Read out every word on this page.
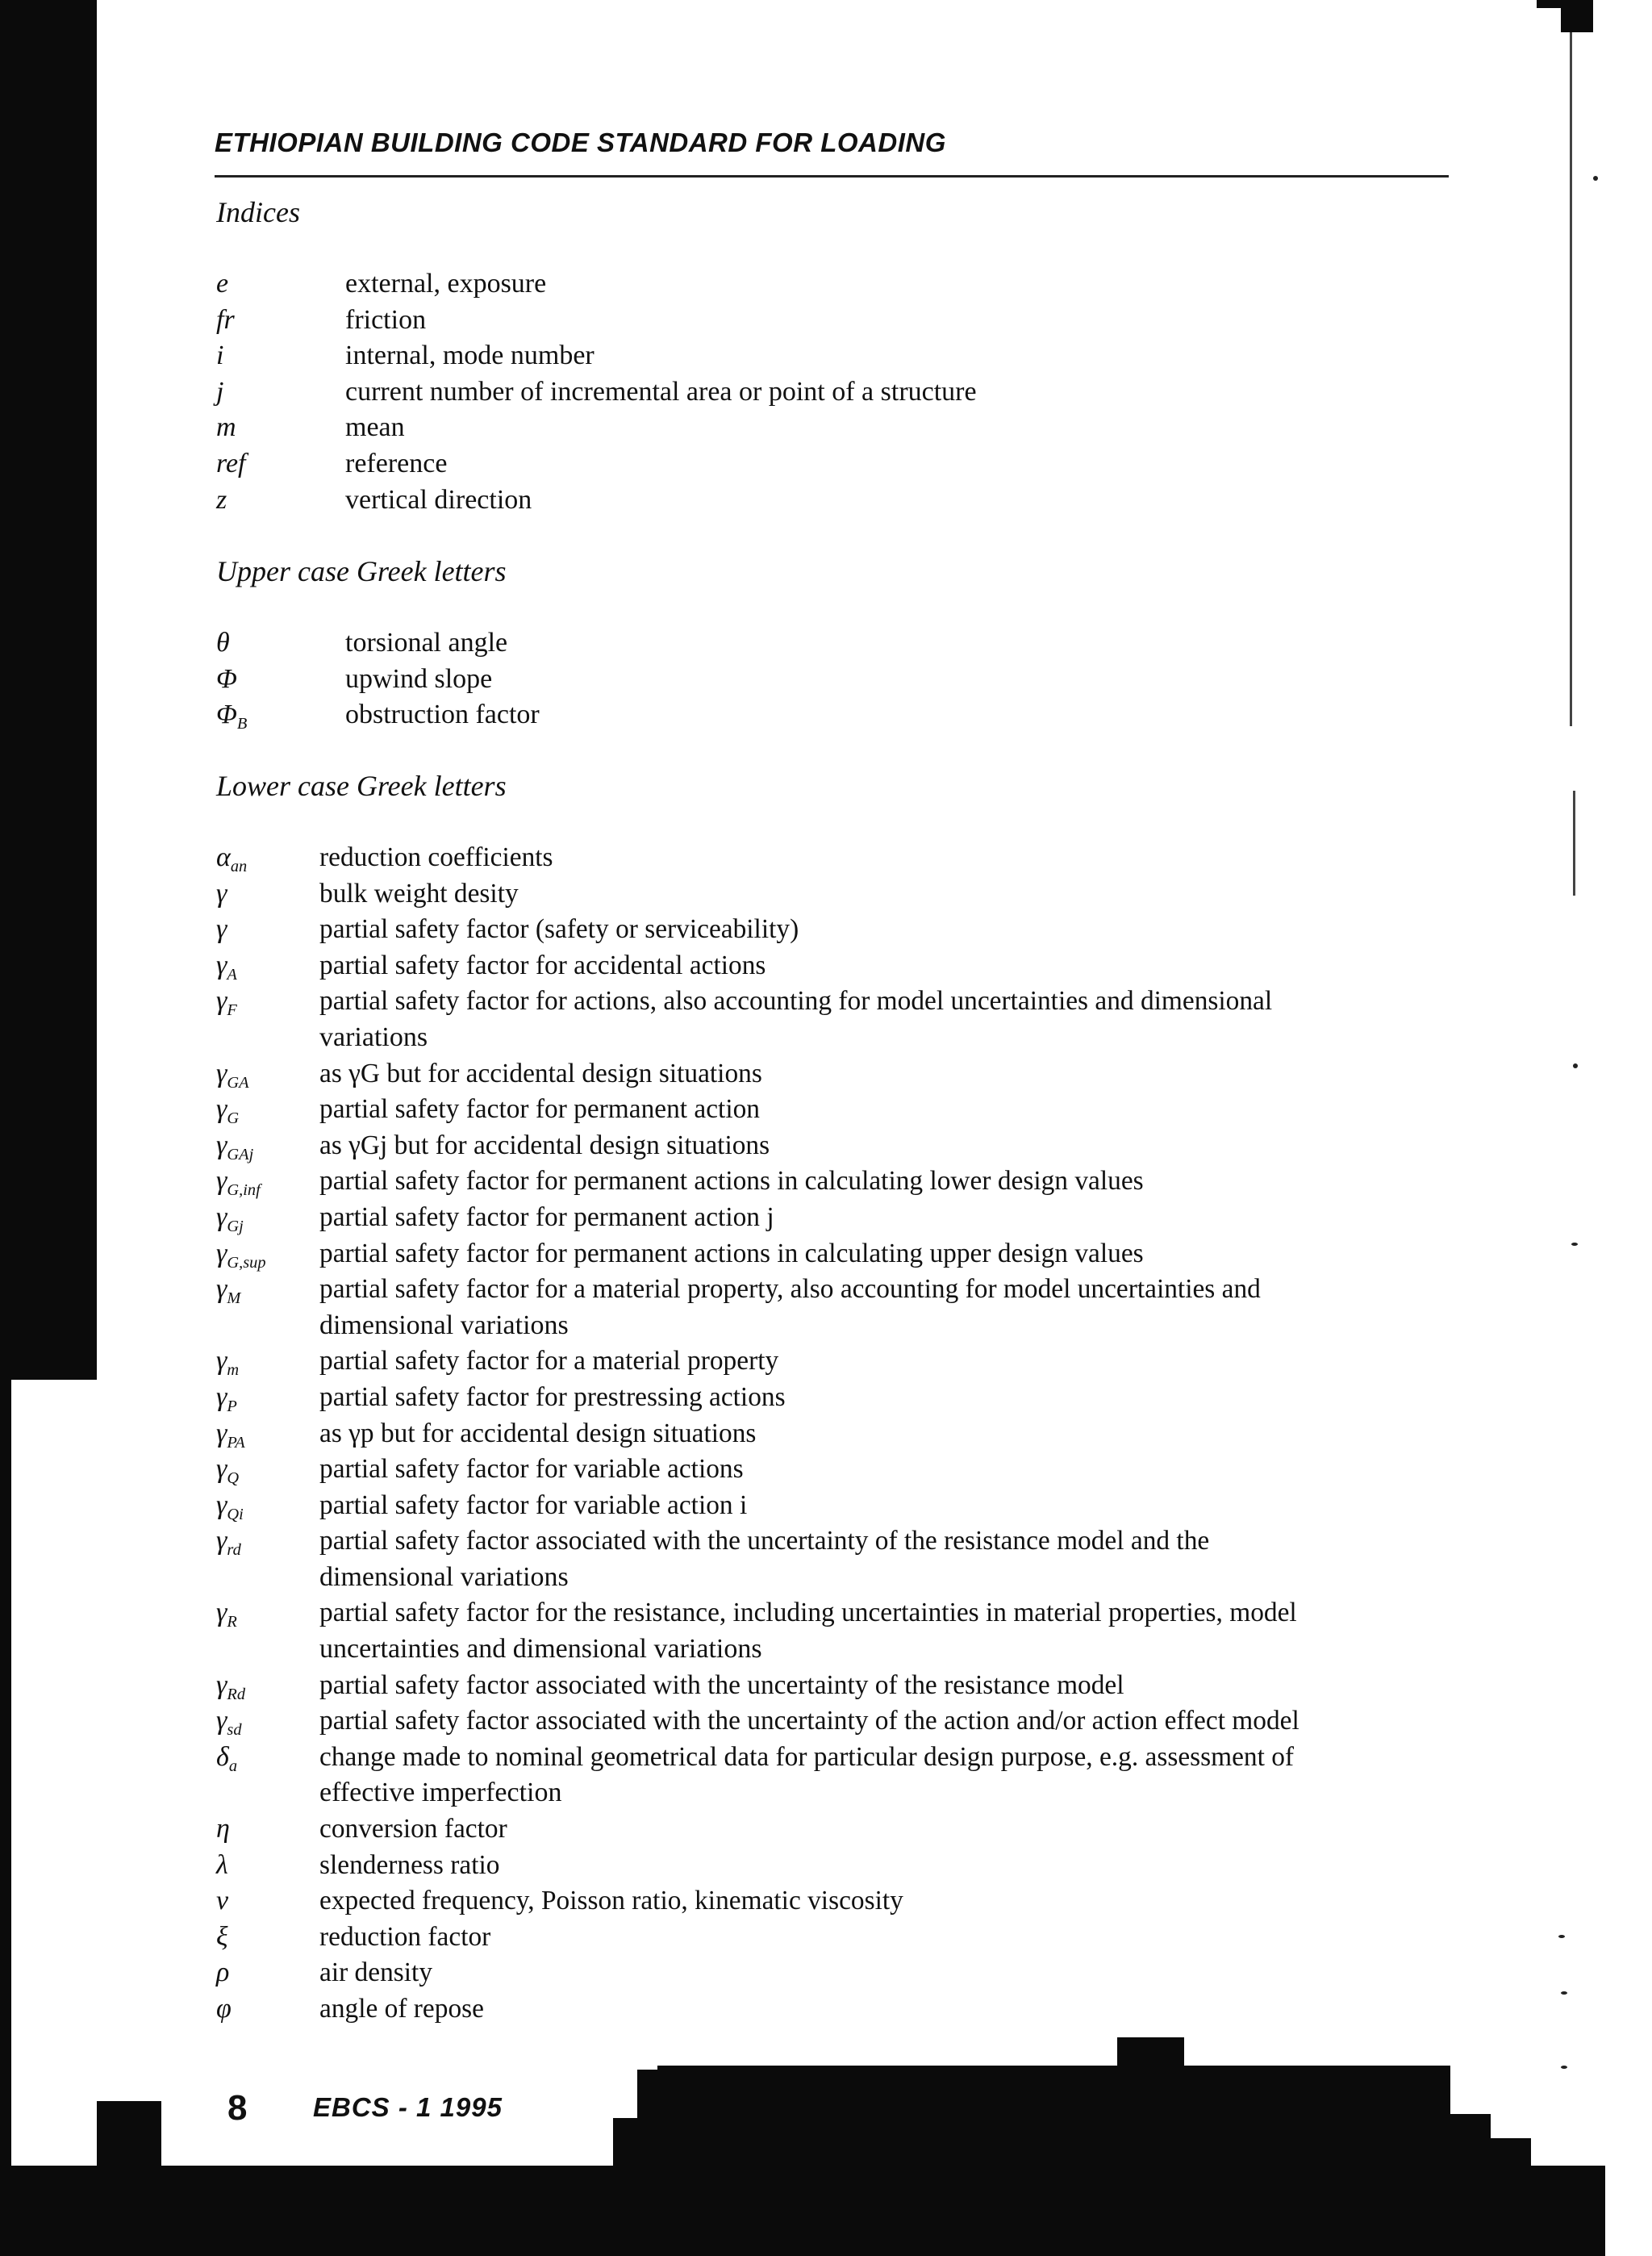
ETHIOPIAN BUILDING CODE STANDARD FOR LOADING
Indices
e	external, exposure
fr	friction
i	internal, mode number
j	current number of incremental area or point of a structure
m	mean
ref	reference
z	vertical direction
Upper case Greek letters
θ	torsional angle
Φ	upwind slope
$\Phi_B$	obstruction factor
Lower case Greek letters
$\alpha_{an}$	reduction coefficients
γ	bulk weight desity
γ	partial safety factor (safety or serviceability)
$\gamma_A$	partial safety factor for accidental actions
$\gamma_F$	partial safety factor for actions, also accounting for model uncertainties and dimensional
variations
$\gamma_{GA}$	as γG but for accidental design situations
$\gamma_G$	partial safety factor for permanent action
$\gamma_{GAj}$	as γGj but for accidental design situations
$\gamma_{G,inf}$	partial safety factor for permanent actions in calculating lower design values
$\gamma_{Gj}$	partial safety factor for permanent action j
$\gamma_{G,sup}$	partial safety factor for permanent actions in calculating upper design values
$\gamma_M$	partial safety factor for a material property, also accounting for model uncertainties and
dimensional variations
$\gamma_m$	partial safety factor for a material property
$\gamma_P$	partial safety factor for prestressing actions
$\gamma_{PA}$	as γp but for accidental design situations
$\gamma_Q$	partial safety factor for variable actions
$\gamma_{Qi}$	partial safety factor for variable action i
$\gamma_{rd}$	partial safety factor associated with the uncertainty of the resistance model and the
dimensional variations
$\gamma_R$	partial safety factor for the resistance, including uncertainties in material properties, model
uncertainties and dimensional variations
$\gamma_{Rd}$	partial safety factor associated with the uncertainty of the resistance model
$\gamma_{sd}$	partial safety factor associated with the uncertainty of the action and/or action effect model
$\delta_a$	change made to nominal geometrical data for particular design purpose, e.g. assessment of
effective imperfection
η	conversion factor
λ	slenderness ratio
ν	expected frequency, Poisson ratio, kinematic viscosity
ξ	reduction factor
ρ	air density
φ	angle of repose
8 EBCS - 1 1995
